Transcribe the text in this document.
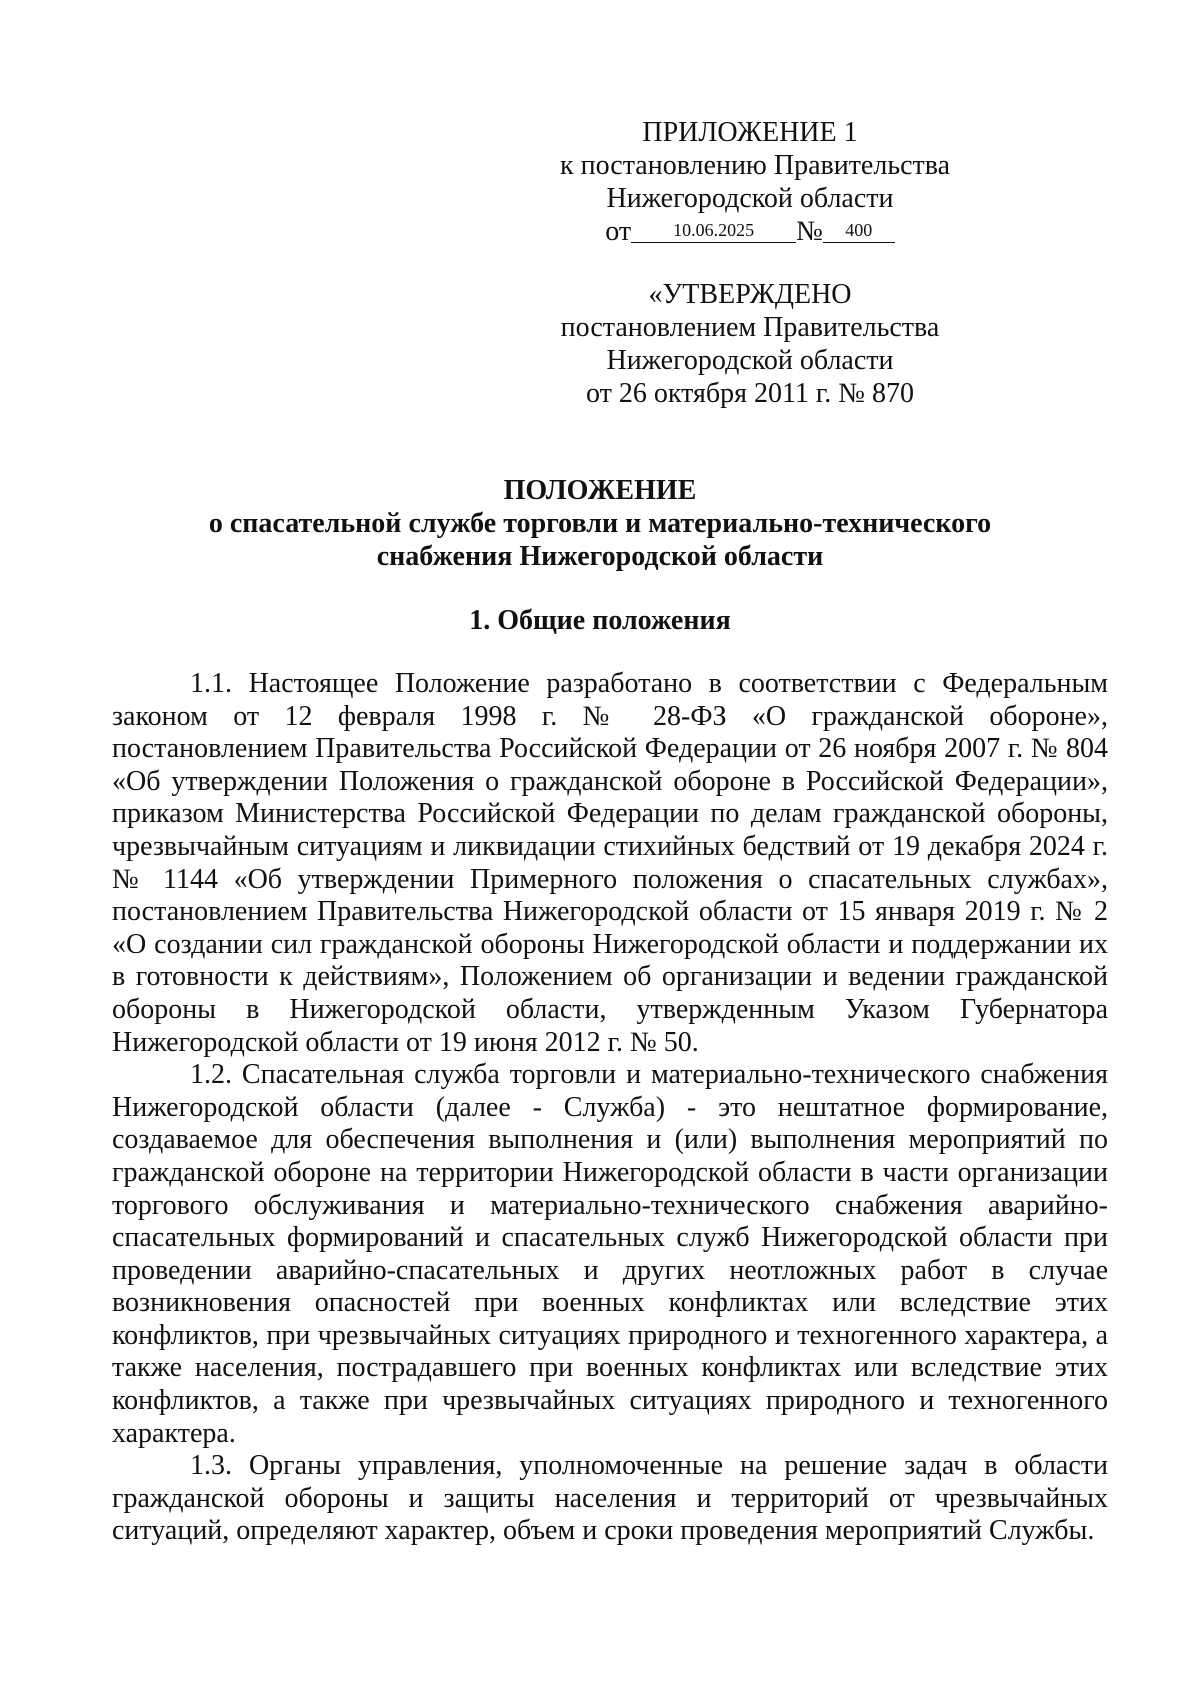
ПРИЛОЖЕНИЕ 1
к постановлению Правительства
Нижегородской области
от 10.06.2025 № 400
«УТВЕРЖДЕНО
постановлением Правительства
Нижегородской области
от 26 октября 2011 г. № 870
ПОЛОЖЕНИЕ
о спасательной службе торговли и материально-технического
снабжения Нижегородской области
1. Общие положения

1.1. Настоящее Положение разработано в соответствии с Федеральным законом от 12 февраля 1998 г. № 28-ФЗ «О гражданской обороне», постановлением Правительства Российской Федерации от 26 ноября 2007 г. № 804 «Об утверждении Положения о гражданской обороне в Российской Федерации», приказом Министерства Российской Федерации по делам гражданской обороны, чрезвычайным ситуациям и ликвидации стихийных бедствий от 19 декабря 2024 г. № 1144 «Об утверждении Примерного положения о спасательных службах», постановлением Правительства Нижегородской области от 15 января 2019 г. № 2 «О создании сил гражданской обороны Нижегородской области и поддержании их в готовности к действиям», Положением об организации и ведении гражданской обороны в Нижегородской области, утвержденным Указом Губернатора Нижегородской области от 19 июня 2012 г. № 50.

1.2. Спасательная служба торговли и материально-технического снабжения Нижегородской области (далее - Служба) - это нештатное формирование, создаваемое для обеспечения выполнения и (или) выполнения мероприятий по гражданской обороне на территории Нижегородской области в части организации торгового обслуживания и материально-технического снабжения аварийно-спасательных формирований и спасательных служб Нижегородской области при проведении аварийно-спасательных и других неотложных работ в случае возникновения опасностей при военных конфликтах или вследствие этих конфликтов, при чрезвычайных ситуациях природного и техногенного характера, а также населения, пострадавшего при военных конфликтах или вследствие этих конфликтов, а также при чрезвычайных ситуациях природного и техногенного характера.

1.3. Органы управления, уполномоченные на решение задач в области гражданской обороны и защиты населения и территорий от чрезвычайных ситуаций, определяют характер, объем и сроки проведения мероприятий Службы.
